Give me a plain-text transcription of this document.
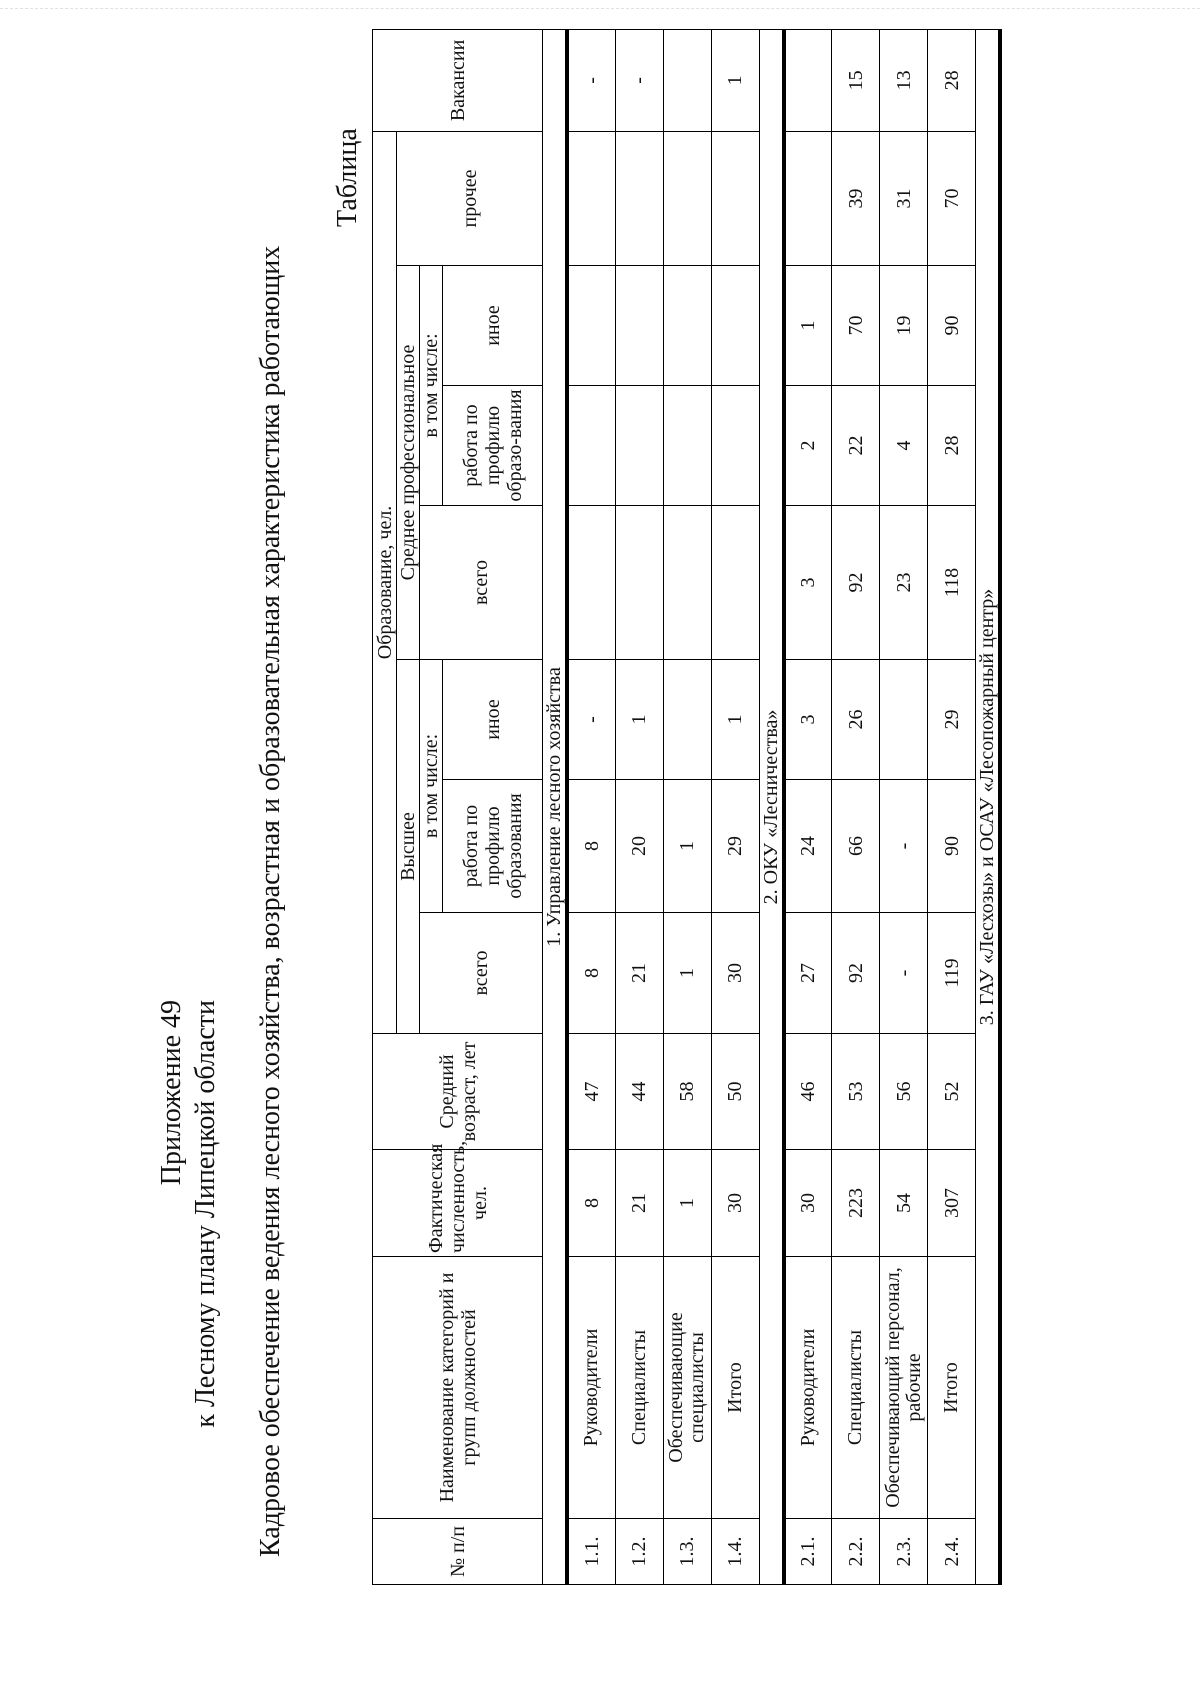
Приложение 49 к Лесному плану Липецкой области Кадровое обеспечение ведения лесного хозяйства, возрастная и образовательная характеристика работающих
Таблица
№ п/п	Наименование категорий и групп должностей	Фактическая численность, чел.	Средний возраст, лет	Образование, чел.							Вакансии
				Высшее			Среднее профессиональное			прочее	
				всего	в том числе:		всего	в том числе:			
					работа по профилю образования	иное		работа по профилю образо-вания	иное		
1. Управление лесного хозяйства											
1.1.	Руководители	8	47	8	8	-					-
1.2.	Специалисты	21	44	21	20	1					-
1.3.	Обеспечивающие специалисты	1	58	1	1						
1.4.	Итого	30	50	30	29	1					1
2. ОКУ «Лесничества»											
2.1.	Руководители	30	46	27	24	3	3	2	1		
2.2.	Специалисты	223	53	92	66	26	92	22	70	39	15
2.3.	Обеспечивающий персонал, рабочие	54	56	-	-		23	4	19	31	13
2.4.	Итого	307	52	119	90	29	118	28	90	70	28
3. ГАУ «Лесхозы» и ОСАУ «Лесопожарный центр»											
